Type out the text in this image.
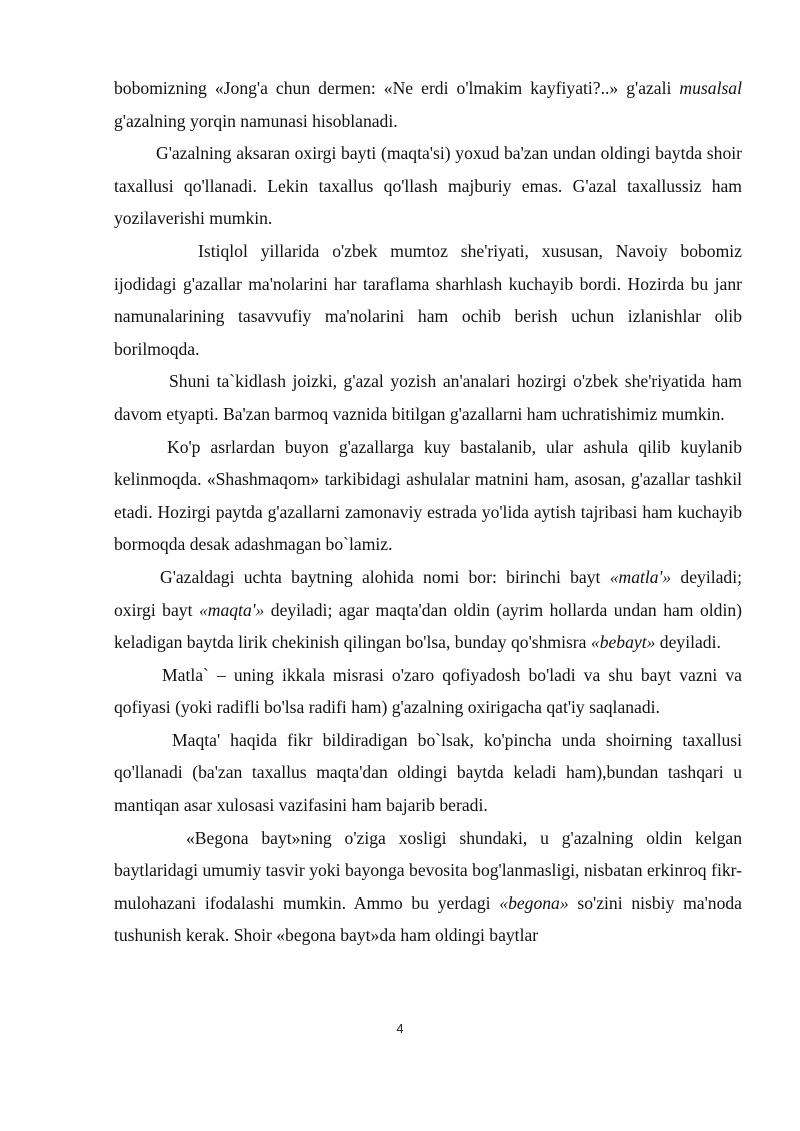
bobomizning «Jong'a chun dermen: «Ne erdi o'lmakim kayfiyati?..» g'azali musalsal g'azalning yorqin namunasi hisoblanadi.

G'azalning aksaran oxirgi bayti (maqta'si) yoxud ba'zan undan oldingi baytda shoir taxallusi qo'llanadi. Lekin taxallus qo'llash majburiy emas. G'azal taxallussiz ham yozilaverishi mumkin.

Istiqlol yillarida o'zbek mumtoz she'riyati, xususan, Navoiy bobomiz ijodidagi g'azallar ma'nolarini har taraflama sharhlash kuchayib bordi. Hozirda bu janr namunalarining tasavvufiy ma'nolarini ham ochib berish uchun izlanishlar olib borilmoqda.

Shuni ta`kidlash joizki, g'azal yozish an'analari hozirgi o'zbek she'riyatida ham davom etyapti. Ba'zan barmoq vaznida bitilgan g'azallarni ham uchratishimiz mumkin.

Ko'p asrlardan buyon g'azallarga kuy bastalanib, ular ashula qilib kuylanib kelinmoqda. «Shashmaqom» tarkibidagi ashulalar matnini ham, asosan, g'azallar tashkil etadi. Hozirgi paytda g'azallarni zamonaviy estrada yo'lida aytish tajribasi ham kuchayib bormoqda desak adashmagan bo`lamiz.

G'azaldagi uchta baytning alohida nomi bor: birinchi bayt «matla'» deyiladi; oxirgi bayt «maqta'» deyiladi; agar maqta'dan oldin (ayrim hollarda undan ham oldin) keladigan baytda lirik chekinish qilingan bo'lsa, bunday qo'shmisra «bebayt» deyiladi.

Matla` – uning ikkala misrasi o'zaro qofiyadosh bo'ladi va shu bayt vazni va qofiyasi (yoki radifli bo'lsa radifi ham) g'azalning oxirigacha qat'iy saqlanadi.

Maqta' haqida fikr bildiradigan bo`lsak, ko'pincha unda shoirning taxallusi qo'llanadi (ba'zan taxallus maqta'dan oldingi baytda keladi ham),bundan tashqari u mantiqan asar xulosasi vazifasini ham bajarib beradi.

«Begona bayt»ning o'ziga xosligi shundaki, u g'azalning oldin kelgan baytlaridagi umumiy tasvir yoki bayonga bevosita bog'lanmasligi, nisbatan erkinroq fikr-mulohazani ifodalashi mumkin. Ammo bu yerdagi «begona» so'zini nisbiy ma'noda tushunish kerak. Shoir «begona bayt»da ham oldingi baytlar

4
